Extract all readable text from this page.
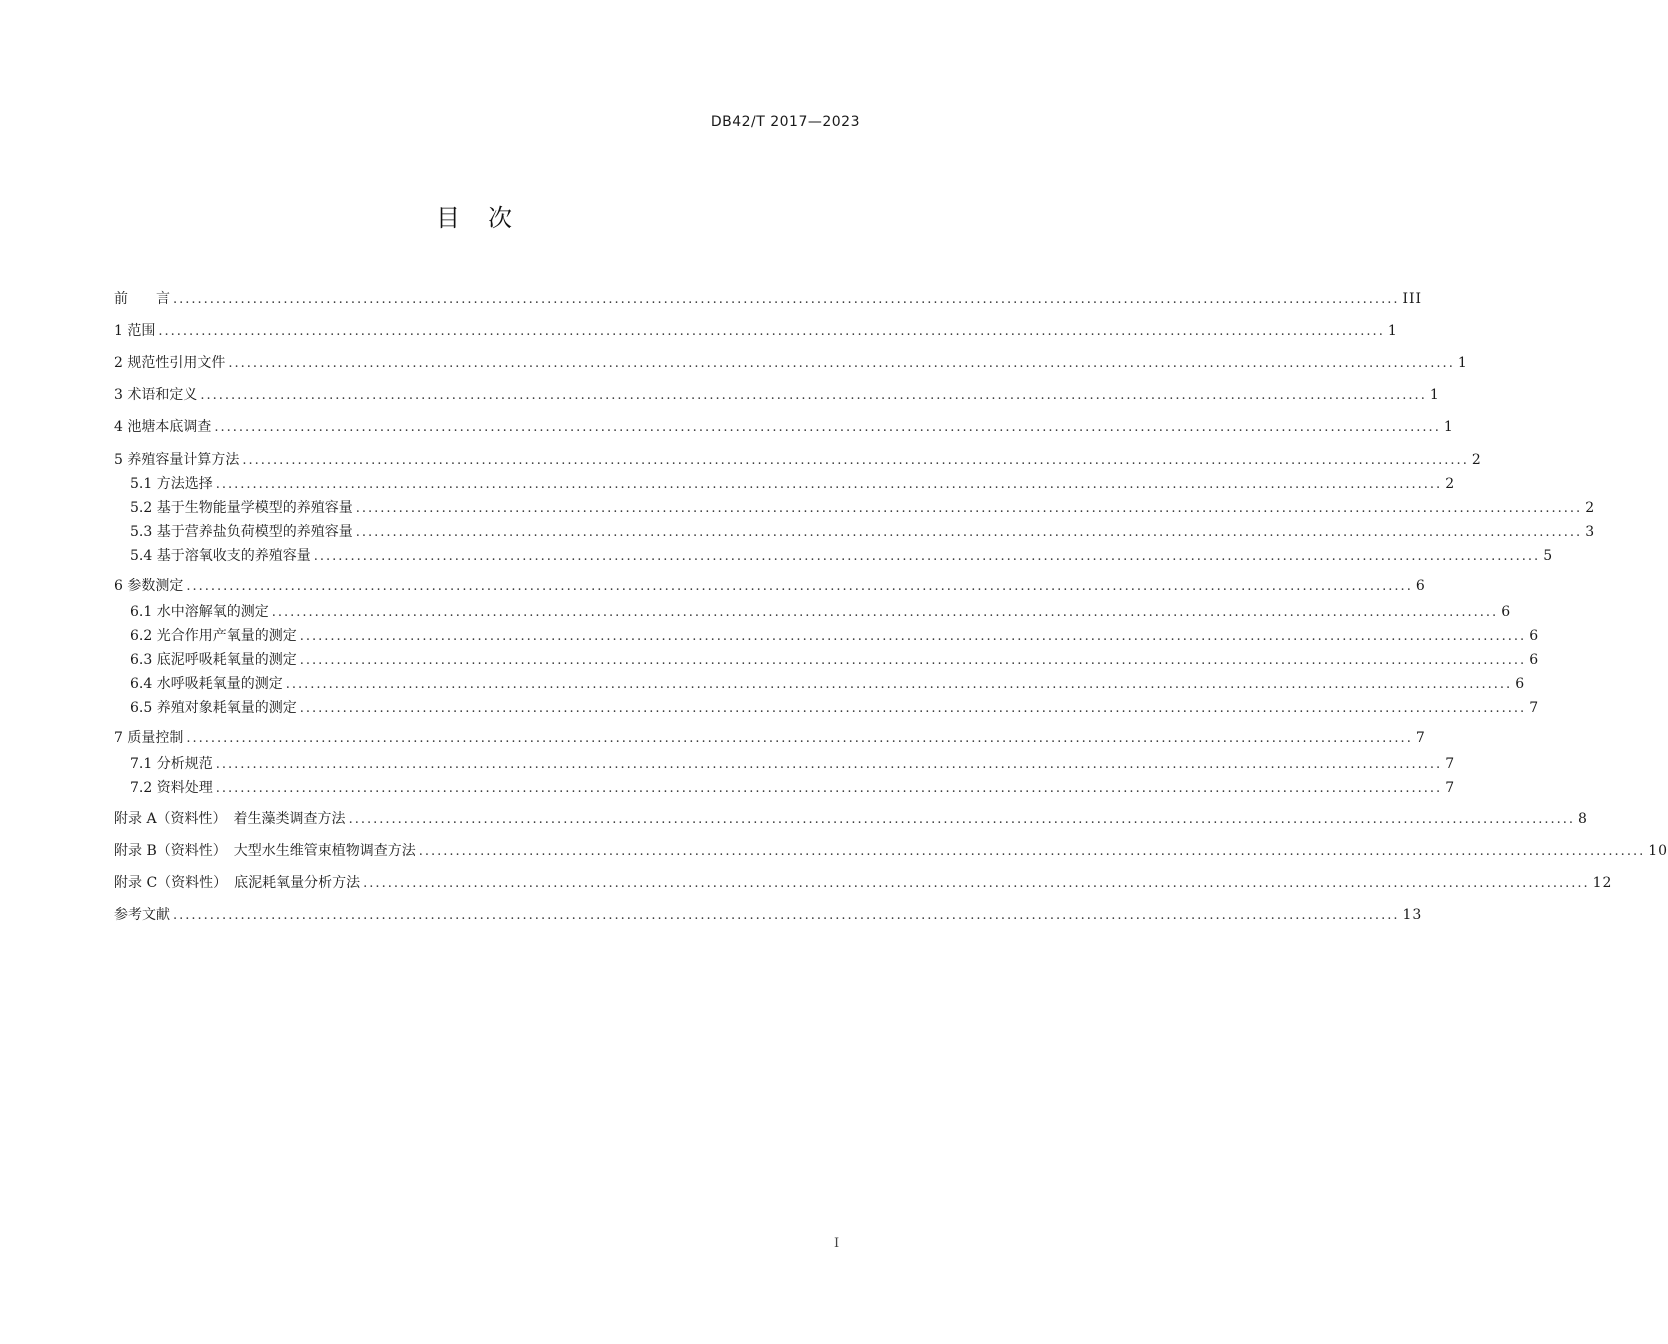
DB42/T 2017—2023
目　次
前　　言 ........................................................................................................................................................................................................ III
1 范围 ........................................................................................................................................................................................................ 1
2 规范性引用文件 ........................................................................................................................................................................................................ 1
3 术语和定义 ........................................................................................................................................................................................................ 1
4 池塘本底调查 ........................................................................................................................................................................................................ 1
5 养殖容量计算方法 ........................................................................................................................................................................................................ 2
5.1 方法选择 ........................................................................................................................................................................................................ 2
5.2 基于生物能量学模型的养殖容量 ........................................................................................................................................................................................................ 2
5.3 基于营养盐负荷模型的养殖容量 ........................................................................................................................................................................................................ 3
5.4 基于溶氧收支的养殖容量 ........................................................................................................................................................................................................ 5
6 参数测定 ........................................................................................................................................................................................................ 6
6.1 水中溶解氧的测定 ........................................................................................................................................................................................................ 6
6.2 光合作用产氧量的测定 ........................................................................................................................................................................................................ 6
6.3 底泥呼吸耗氧量的测定 ........................................................................................................................................................................................................ 6
6.4 水呼吸耗氧量的测定 ........................................................................................................................................................................................................ 6
6.5 养殖对象耗氧量的测定 ........................................................................................................................................................................................................ 7
7 质量控制 ........................................................................................................................................................................................................ 7
7.1 分析规范 ........................................................................................................................................................................................................ 7
7.2 资料处理 ........................................................................................................................................................................................................ 7
附录 A（资料性）　着生藻类调查方法 ........................................................................................................................................................................................................ 8
附录 B（资料性）　大型水生维管束植物调查方法 ........................................................................................................................................................................................................ 10
附录 C（资料性）　底泥耗氧量分析方法 ........................................................................................................................................................................................................ 12
参考文献 ........................................................................................................................................................................................................ 13
I
